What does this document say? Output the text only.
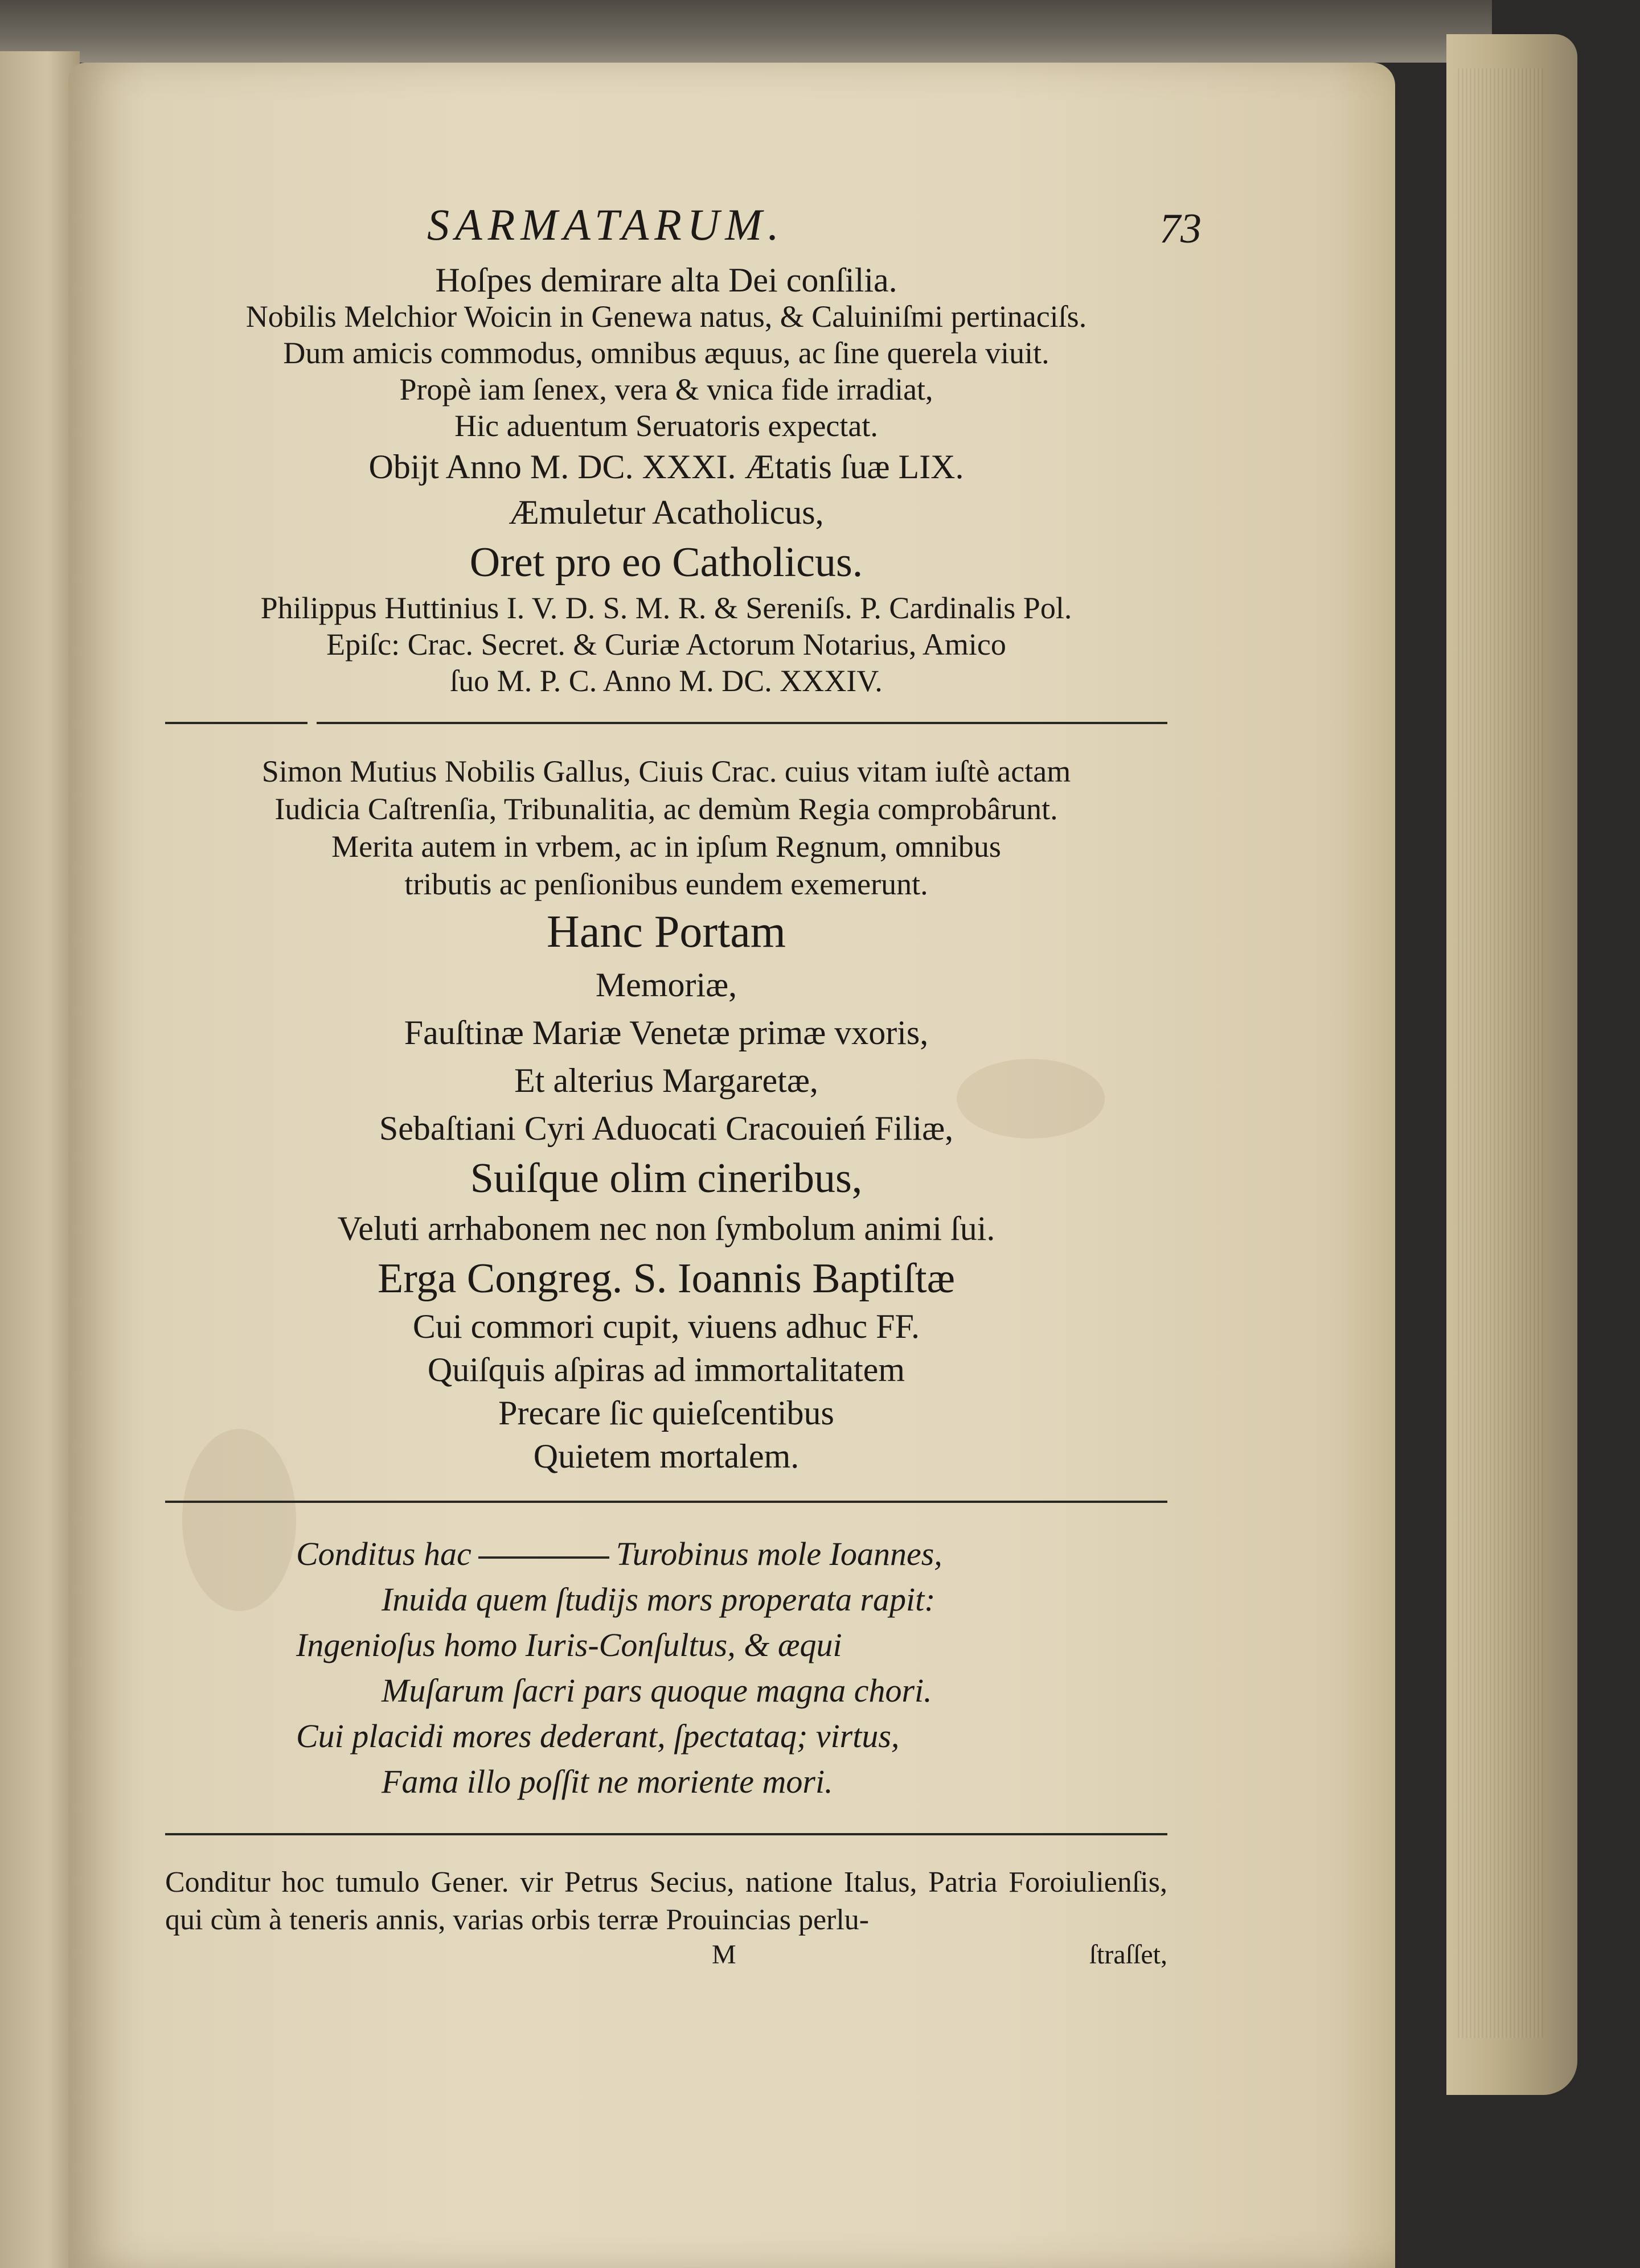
SARMATARUM.	73
Hoſpes demirare alta Dei conſilia.
Nobilis Melchior Woicin in Genewa natus, & Caluiniſmi pertinaciſs.
Dum amicis commodus, omnibus æquus, ac ſine querela viuit.
Propè iam ſenex, vera & vnica fide irradiat,
Hic aduentum Seruatoris expectat.
Obijt Anno M. DC. XXXI. Ætatis ſuæ LIX.
Æmuletur Acatholicus,
Oret pro eo Catholicus.
Philippus Huttinius I. V. D. S. M. R. & Sereniſs. P. Cardinalis Pol.
Epiſc: Crac. Secret. & Curiæ Actorum Notarius, Amico
ſuo M. P. C. Anno M. DC. XXXIV.
Simon Mutius Nobilis Gallus, Ciuis Crac. cuius vitam iuſtè actam
Iudicia Caſtrenſia, Tribunalitia, ac demùm Regia comprobârunt.
Merita autem in vrbem, ac in ipſum Regnum, omnibus
tributis ac penſionibus eundem exemerunt.
Hanc Portam
Memoriæ,
Fauſtinæ Mariæ Venetæ primæ vxoris,
Et alterius Margaretæ,
Sebaſtiani Cyri Aduocati Cracouień Filiæ,
Suiſque olim cineribus,
Veluti arrhabonem nec non ſymbolum animi ſui.
Erga Congreg. S. Ioannis Baptiſtæ
Cui commori cupit, viuens adhuc FF.
Quiſquis aſpiras ad immortalitatem
Precare ſic quieſcentibus
Quietem mortalem.
Conditus hac	Turobinus mole Ioannes,
Inuida quem ſtudijs mors properata rapit:
Ingenioſus homo Iuris-Conſultus, & æqui
Muſarum ſacri pars quoque magna chori.
Cui placidi mores dederant, ſpectataq; virtus,
Fama illo poſſit ne moriente mori.
Conditur hoc tumulo Gener. vir Petrus Secius, natione Italus, Patria Foroiulienſis, qui cùm à teneris annis, varias orbis terræ Prouincias perlu-
M	ſtraſſet,
